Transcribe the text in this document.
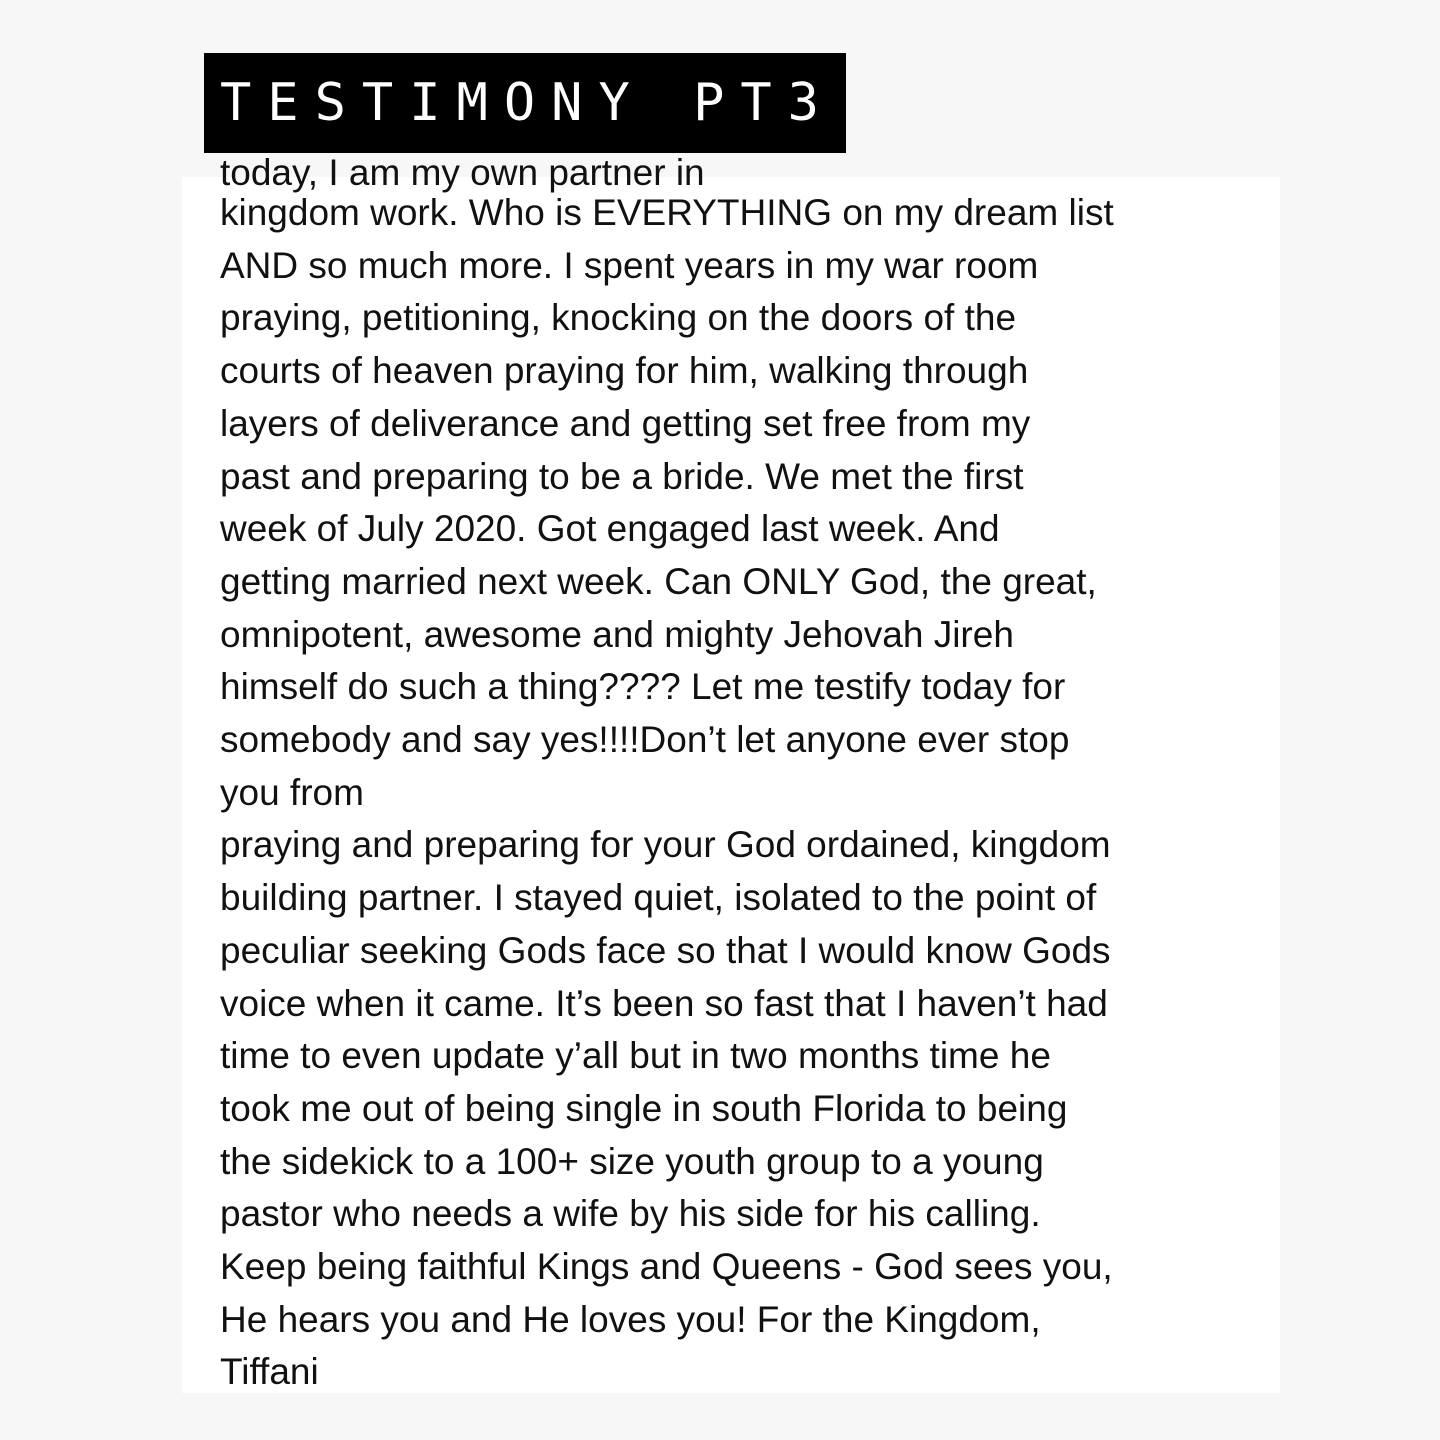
TESTIMONY PT3

today, I am my own partner in

kingdom work. Who is EVERYTHING on my dream list
AND so much more. I spent years in my war room
praying, petitioning, knocking on the doors of the
courts of heaven praying for him, walking through
layers of deliverance and getting set free from my
past and preparing to be a bride. We met the first
week of July 2020. Got engaged last week. And
getting married next week. Can ONLY God, the great,
omnipotent, awesome and mighty Jehovah Jireh
himself do such a thing???? Let me testify today for
somebody and say yes!!!!Don’t let anyone ever stop
you from
praying and preparing for your God ordained, kingdom
building partner. I stayed quiet, isolated to the point of
peculiar seeking Gods face so that I would know Gods
voice when it came. It’s been so fast that I haven’t had
time to even update y’all but in two months time he
took me out of being single in south Florida to being
the sidekick to a 100+ size youth group to a young
pastor who needs a wife by his side for his calling.
Keep being faithful Kings and Queens - God sees you,
He hears you and He loves you! For the Kingdom,
Tiffani
